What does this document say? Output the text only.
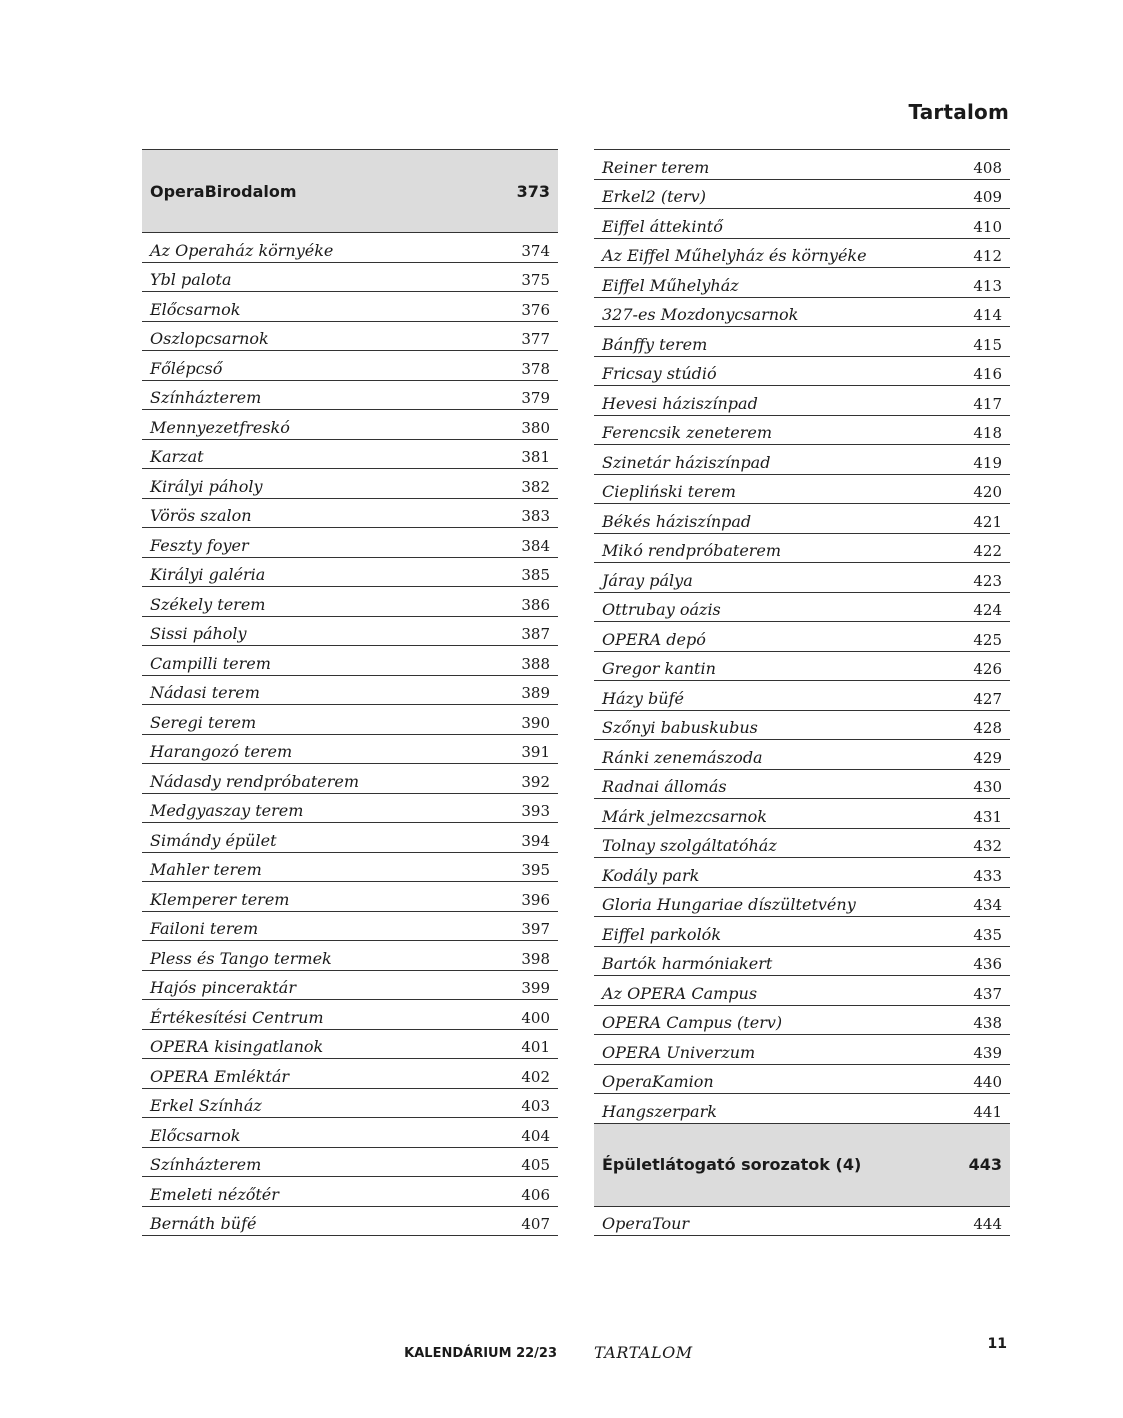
Tartalom
OperaBirodalom	373
Az Operaház környéke	374
Ybl palota	375
Előcsarnok	376
Oszlopcsarnok	377
Főlépcső	378
Színházterem	379
Mennyezetfreskó	380
Karzat	381
Királyi páholy	382
Vörös szalon	383
Feszty foyer	384
Királyi galéria	385
Székely terem	386
Sissi páholy	387
Campilli terem	388
Nádasi terem	389
Seregi terem	390
Harangozó terem	391
Nádasdy rendpróbaterem	392
Medgyaszay terem	393
Simándy épület	394
Mahler terem	395
Klemperer terem	396
Failoni terem	397
Pless és Tango termek	398
Hajós pinceraktár	399
Értékesítési Centrum	400
OPERA kisingatlanok	401
OPERA Emléktár	402
Erkel Színház	403
Előcsarnok	404
Színházterem	405
Emeleti nézőtér	406
Bernáth büfé	407
Reiner terem	408
Erkel2 (terv)	409
Eiffel áttekintő	410
Az Eiffel Műhelyház és környéke	412
Eiffel Műhelyház	413
327-es Mozdonycsarnok	414
Bánffy terem	415
Fricsay stúdió	416
Hevesi háziszínpad	417
Ferencsik zeneterem	418
Szinetár háziszínpad	419
Ciepliński terem	420
Békés háziszínpad	421
Mikó rendpróbaterem	422
Járay pálya	423
Ottrubay oázis	424
OPERA depó	425
Gregor kantin	426
Házy büfé	427
Szőnyi babuskubus	428
Ránki zenemászoda	429
Radnai állomás	430
Márk jelmezcsarnok	431
Tolnay szolgáltatóház	432
Kodály park	433
Gloria Hungariae díszültetvény	434
Eiffel parkolók	435
Bartók harmóniakert	436
Az OPERA Campus	437
OPERA Campus (terv)	438
OPERA Univerzum	439
OperaKamion	440
Hangszerpark	441
Épületlátogató sorozatok (4)	443
OperaTour	444
KALENDÁRIUM 22/23 TARTALOM	11
